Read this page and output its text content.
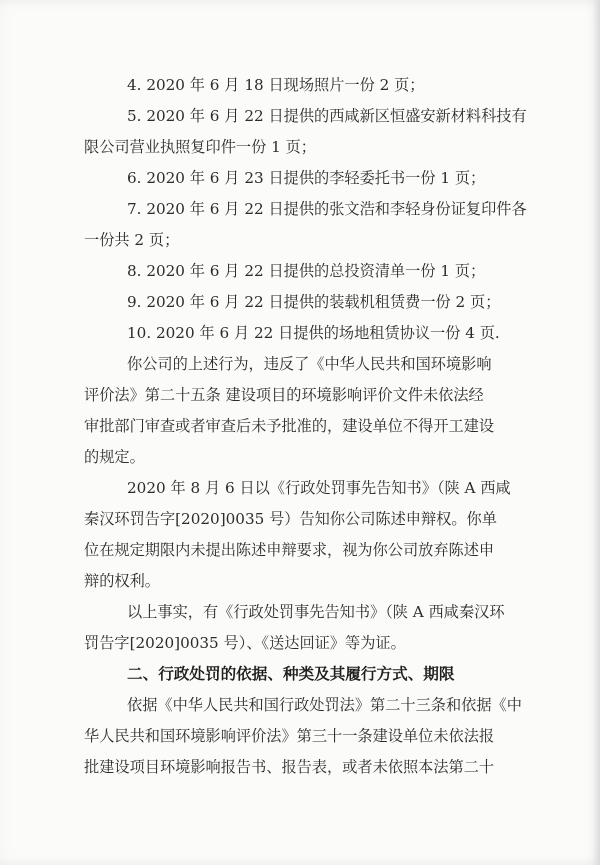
4. 2020 年 6 月 18 日现场照片一份 2 页；

5. 2020 年 6 月 22 日提供的西咸新区恒盛安新材料科技有
限公司营业执照复印件一份 1 页；

6. 2020 年 6 月 23 日提供的李轻委托书一份 1 页；

7. 2020 年 6 月 22 日提供的张文浩和李轻身份证复印件各
一份共 2 页；

8. 2020 年 6 月 22 日提供的总投资清单一份 1 页；

9. 2020 年 6 月 22 日提供的装载机租赁费一份 2 页；

10. 2020 年 6 月 22 日提供的场地租赁协议一份 4 页.

你公司的上述行为，违反了《中华人民共和国环境影响
评价法》第二十五条 建设项目的环境影响评价文件未依法经
审批部门审查或者审查后未予批准的，建设单位不得开工建设
的规定。

2020 年 8 月 6 日以《行政处罚事先告知书》（陕 A 西咸
秦汉环罚告字[2020]0035 号）告知你公司陈述申辩权。你单
位在规定期限内未提出陈述申辩要求，视为你公司放弃陈述申
辩的权利。

以上事实，有《行政处罚事先告知书》（陕 A 西咸秦汉环
罚告字[2020]0035 号）、《送达回证》等为证。

二、行政处罚的依据、种类及其履行方式、期限

依据《中华人民共和国行政处罚法》第二十三条和依据《中
华人民共和国环境影响评价法》第三十一条建设单位未依法报
批建设项目环境影响报告书、报告表，或者未依照本法第二十
